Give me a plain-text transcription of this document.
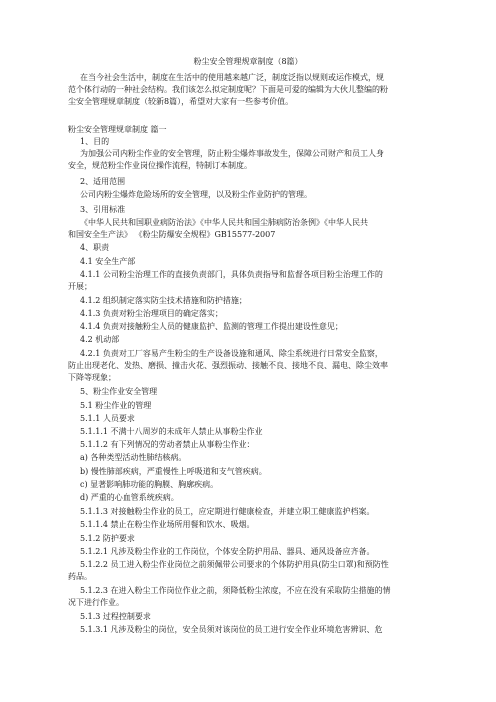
粉尘安全管理规章制度（8篇）
在当今社会生活中，制度在生活中的使用越来越广泛，制度泛指以规则或运作模式，规
范个体行动的一种社会结构。我们该怎么拟定制度呢？下面是可爱的编辑为大伙儿整编的粉
尘安全管理规章制度（较新8篇），希望对大家有一些参考价值。
粉尘安全管理规章制度 篇一
1、目的
为加强公司内粉尘作业的安全管理，防止粉尘爆炸事故发生，保障公司财产和员工人身
安全，规范粉尘作业岗位操作流程，特制订本制度。
2、适用范围
公司内粉尘爆炸危险场所的安全管理，以及粉尘作业防护的管理。
3、引用标准
《中华人民共和国职业病防治法》《中华人民共和国尘肺病防治条例》《中华人民共
和国安全生产法》 《粉尘防爆安全规程》GB15577-2007
4、职责
4.1 安全生产部
4.1.1 公司粉尘治理工作的直接负责部门，具体负责指导和监督各项目粉尘治理工作的
开展；
4.1.2 组织制定落实防尘技术措施和防护措施；
4.1.3 负责对粉尘治理项目的确定落实；
4.1.4 负责对接触粉尘人员的健康监护、监测的管理工作提出建设性意见；
4.2 机动部
4.2.1 负责对工厂容易产生粉尘的生产设备设施和通风、除尘系统进行日常安全监察，
防止出现老化、发热、磨损、撞击火花、强烈振动、接触不良、接地不良、漏电、除尘效率
下降等现象；
5、粉尘作业安全管理
5.1 粉尘作业的管理
5.1.1 人员要求
5.1.1.1 不满十八周岁的未成年人禁止从事粉尘作业
5.1.1.2 有下列情况的劳动者禁止从事粉尘作业：
a) 各种类型活动性肺结核病。
b) 慢性肺部疾病，严重慢性上呼吸道和支气管疾病。
c) 显著影响肺功能的胸膜、胸廓疾病。
d) 严重的心血管系统疾病。
5.1.1.3 对接触粉尘作业的员工，应定期进行健康检查，并建立职工健康监护档案。
5.1.1.4 禁止在粉尘作业场所用餐和饮水、吸烟。
5.1.2 防护要求
5.1.2.1 凡涉及粉尘作业的工作岗位，个体安全防护用品、器具、通风设备应齐备。
5.1.2.2 员工进入粉尘作业岗位之前须佩带公司要求的个体防护用具(防尘口罩)和预防性
药品。
5.1.2.3 在进入粉尘工作岗位作业之前，须降低粉尘浓度，不应在没有采取防尘措施的情
况下进行作业。
5.1.3 过程控制要求
5.1.3.1 凡涉及粉尘的岗位，安全员须对该岗位的员工进行安全作业环境危害辨识、危
